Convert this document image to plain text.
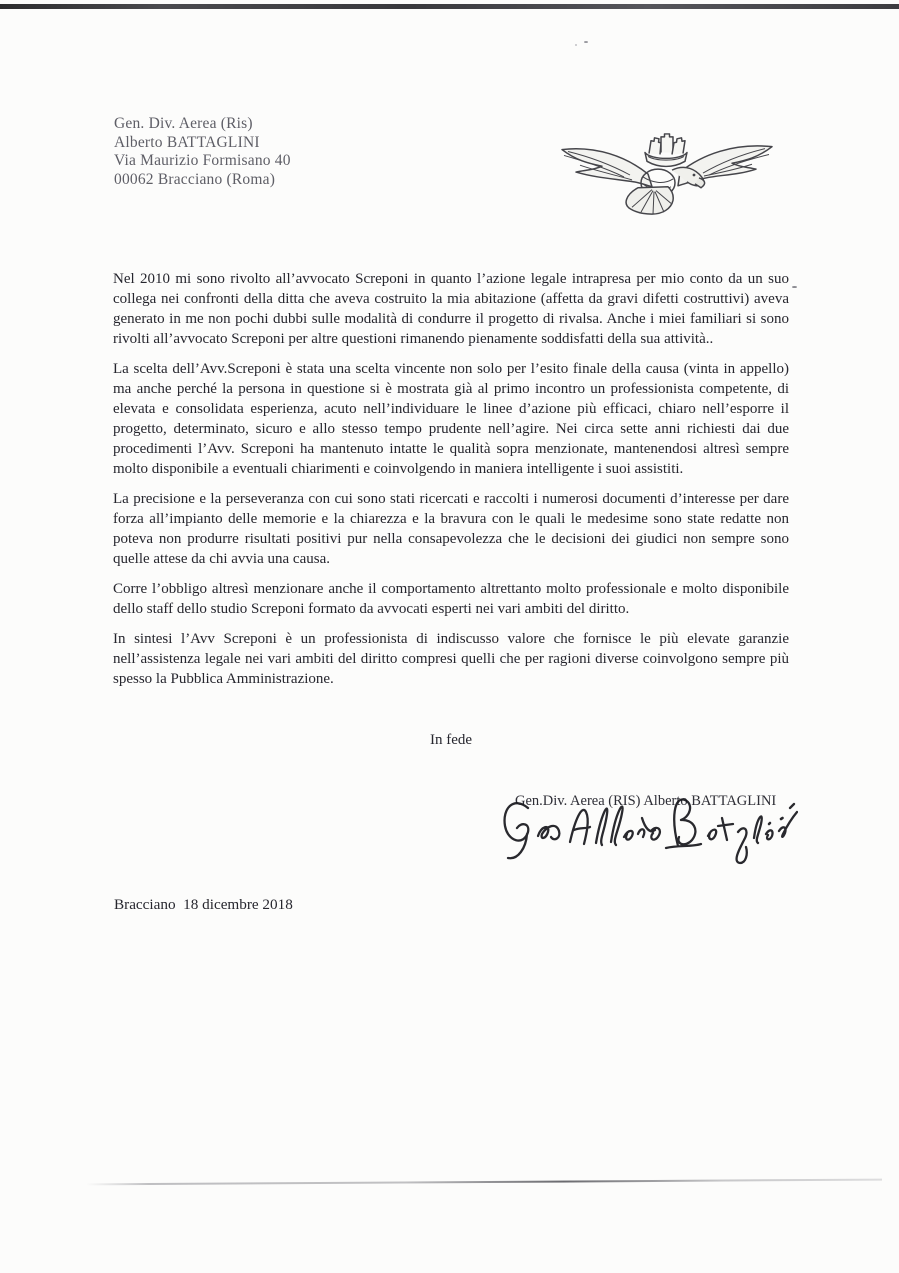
Gen. Div. Aerea (Ris)
Alberto BATTAGLINI
Via Maurizio Formisano 40
00062 Bracciano (Roma)

Nel 2010 mi sono rivolto all’avvocato Screponi in quanto l’azione legale intrapresa per mio conto da un suo collega nei confronti della ditta che aveva costruito la mia abitazione (affetta da gravi difetti costruttivi) aveva generato in me non pochi dubbi sulle modalità di condurre il progetto di rivalsa. Anche i miei familiari si sono rivolti all’avvocato Screponi per altre questioni rimanendo pienamente soddisfatti della sua attività..

La scelta dell’Avv.Screponi è stata una scelta vincente non solo per l’esito finale della causa (vinta in appello) ma anche perché la persona in questione si è mostrata già al primo incontro un professionista competente, di elevata e consolidata esperienza, acuto nell’individuare le linee d’azione più efficaci, chiaro nell’esporre il progetto, determinato, sicuro e allo stesso tempo prudente nell’agire. Nei circa sette anni richiesti dai due procedimenti l’Avv. Screponi ha mantenuto intatte le qualità sopra menzionate, mantenendosi altresì sempre molto disponibile a eventuali chiarimenti e coinvolgendo in maniera intelligente i suoi assistiti.

La precisione e la perseveranza con cui sono stati ricercati e raccolti i numerosi documenti d’interesse per dare forza all’impianto delle memorie e la chiarezza e la bravura con le quali le medesime sono state redatte non poteva non produrre risultati positivi pur nella consapevolezza che le decisioni dei giudici non sempre sono quelle attese da chi avvia una causa.

Corre l’obbligo altresì menzionare anche il comportamento altrettanto molto professionale e molto disponibile dello staff dello studio Screponi formato da avvocati esperti nei vari ambiti del diritto.

In sintesi l’Avv Screponi è un professionista di indiscusso valore che fornisce le più elevate garanzie nell’assistenza legale nei vari ambiti del diritto compresi quelli che per ragioni diverse coinvolgono sempre più spesso la Pubblica Amministrazione.

In fede
Gen.Div. Aerea (RIS) Alberto BATTAGLINI
Bracciano  18 dicembre 2018
